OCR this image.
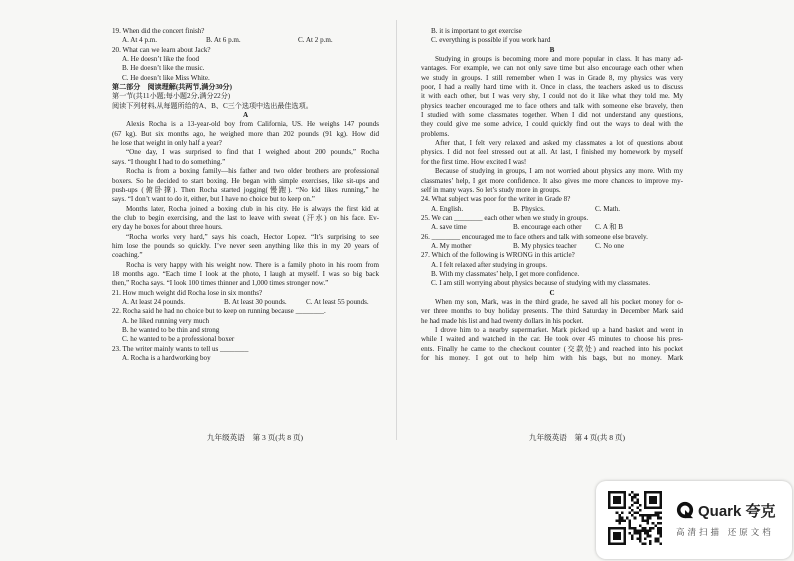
19. When did the concert finish?
A. At 4 p.m.	B. At 6 p.m.	C. At 2 p.m.
20. What can we learn about Jack?
A. He doesn’t like the food
B. He doesn’t like the music.
C. He doesn’t like Miss White.
第二部分　阅读理解(共两节,满分30分)
第一节(共11小题;每小题2分,满分22分)
阅读下列材料,从每题所给的A、B、C三个选项中选出最佳选项。
A
Alexis Rocha is a 13-year-old boy from California, US. He weighs 147 pounds
(67 kg). But six months ago, he weighed more than 202 pounds (91 kg). How did
he lose that weight in only half a year?
“One day, I was surprised to find that I weighed about 200 pounds,” Rocha
says. “I thought I had to do something.”
Rocha is from a boxing family—his father and two older brothers are professional
boxers. So he decided to start boxing. He began with simple exercises, like sit-ups and
push-ups (俯卧撑). Then Rocha started jogging(慢跑). “No kid likes running,” he
says. “I don’t want to do it, either, but I have no choice but to keep on.”
Months later, Rocha joined a boxing club in his city. He is always the first kid at
the club to begin exercising, and the last to leave with sweat (汗水) on his face. Ev-
ery day he boxes for about three hours.
“Rocha works very hard,” says his coach, Hector Lopez. “It’s surprising to see
him lose the pounds so quickly. I’ve never seen anything like this in my 20 years of
coaching.”
Rocha is very happy with his weight now. There is a family photo in his room from
18 months ago. “Each time I look at the photo, I laugh at myself. I was so big back
then,” Rocha says. “I look 100 times thinner and 1,000 times stronger now.”
21. How much weight did Rocha lose in six months?
A. At least 24 pounds.	B. At least 30 pounds.	C. At least 55 pounds.
22. Rocha said he had no choice but to keep on running because ________.
A. he liked running very much
B. he wanted to be thin and strong
C. he wanted to be a professional boxer
23. The writer mainly wants to tell us ________
A. Rocha is a hardworking boy
九年级英语　第 3 页(共 8 页)
B. it is important to get exercise
C. everything is possible if you work hard
B
Studying in groups is becoming more and more popular in class. It has many ad-
vantages. For example, we can not only save time but also encourage each other when
we study in groups. I still remember when I was in Grade 8, my physics was very
poor, I had a really hard time with it. Once in class, the teachers asked us to discuss
it with each other, but I was very shy, I could not do it like what they told me. My
physics teacher encouraged me to face others and talk with someone else bravely, then
I studied with some classmates together. When I did not understand any questions,
they could give me some advice, I could quickly find out the ways to deal with the
problems.
After that, I felt very relaxed and asked my classmates a lot of questions about
physics. I did not feel stressed out at all. At last, I finished my homework by myself
for the first time. How excited I was!
Because of studying in groups, I am not worried about physics any more. With my
classmates’ help, I get more confidence. It also gives me more chances to improve my-
self in many ways. So let’s study more in groups.
24. What subject was poor for the writer in Grade 8?
A. English.	B. Physics.	C. Math.
25. We can ________ each other when we study in groups.
A. save time	B. encourage each other	C. A 和 B
26. ________ encouraged me to face others and talk with someone else bravely.
A. My mother	B. My physics teacher	C. No one
27. Which of the following is WRONG in this article?
A. I felt relaxed after studying in groups.
B. With my classmates’ help, I get more confidence.
C. I am still worrying about physics because of studying with my classmates.
C
When my son, Mark, was in the third grade, he saved all his pocket money for o-
ver three months to buy holiday presents. The third Saturday in December Mark said
he had made his list and had twenty dollars in his pocket.
I drove him to a nearby supermarket. Mark picked up a hand basket and went in
while I waited and watched in the car. He took over 45 minutes to choose his pres-
ents. Finally he came to the checkout counter (交款处) and reached into his pocket
for his money. I got out to help him with his bags, but no money. Mark
九年级英语　第 4 页(共 8 页)
Quark 夸克
高清扫描 还原文档
